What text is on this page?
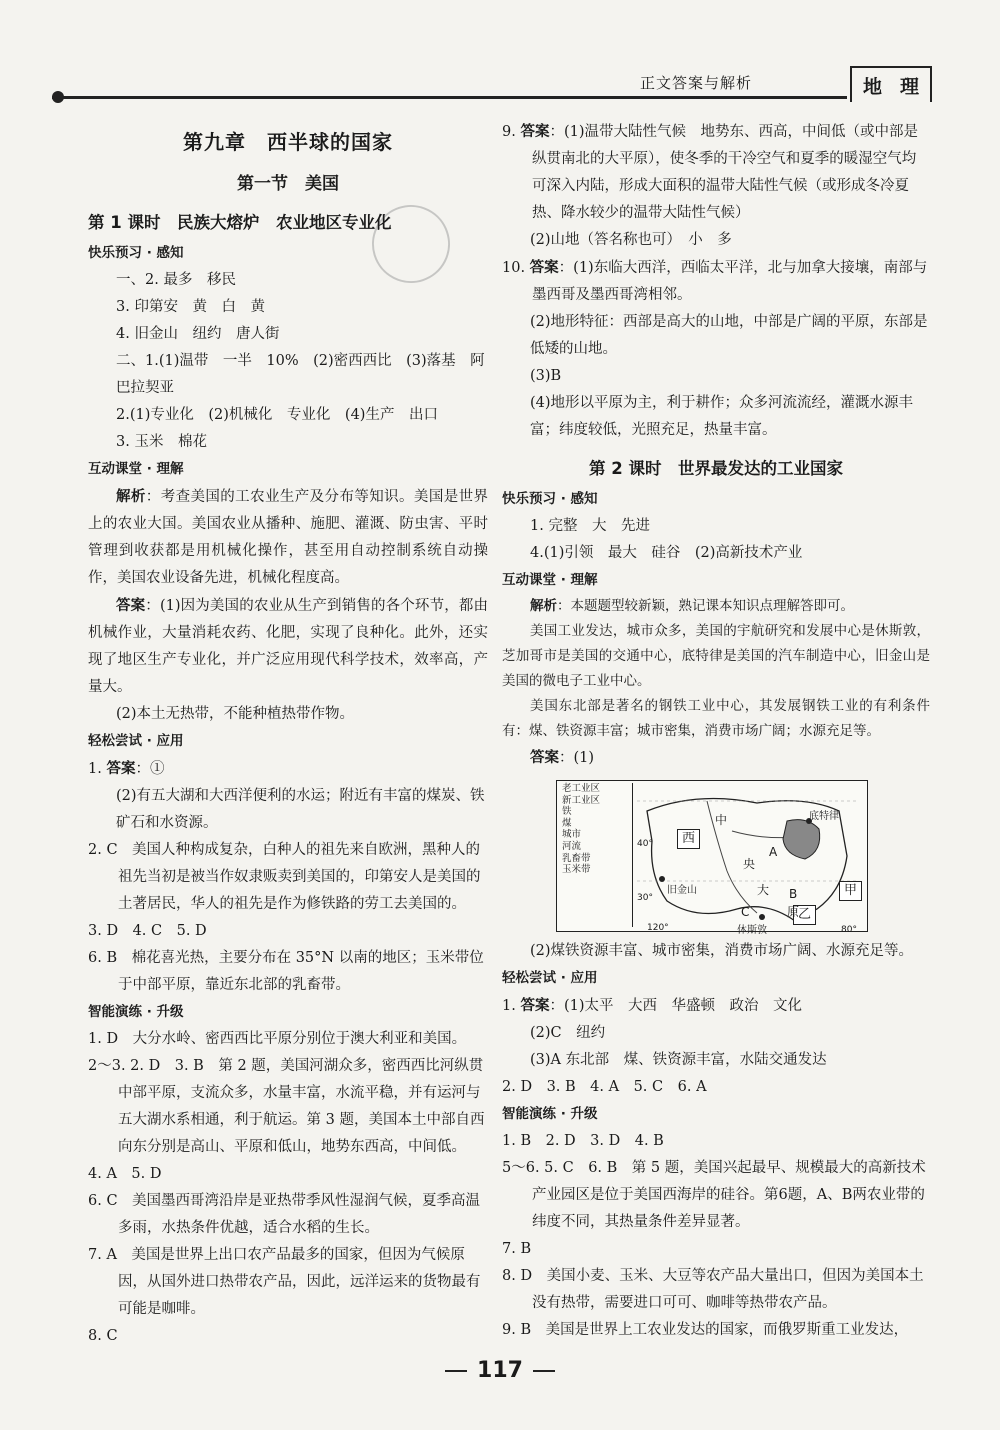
正文答案与解析	地 理

第九章　西半球的国家

第一节　美国

第 1 课时　民族大熔炉　农业地区专业化

快乐预习 · 感知

一、2. 最多　移民

3. 印第安　黄　白　黄

4. 旧金山　纽约　唐人街

二、1.(1)温带　一半　10%　(2)密西西比　(3)落基　阿巴拉契亚

2.(1)专业化　(2)机械化　专业化　(4)生产　出口

3. 玉米　棉花

互动课堂 · 理解

解析：考查美国的工农业生产及分布等知识。美国是世界上的农业大国。美国农业从播种、施肥、灌溉、防虫害、平时管理到收获都是用机械化操作，甚至用自动控制系统自动操作，美国农业设备先进，机械化程度高。

答案：(1)因为美国的农业从生产到销售的各个环节，都由机械作业，大量消耗农药、化肥，实现了良种化。此外，还实现了地区生产专业化，并广泛应用现代科学技术，效率高，产量大。

(2)本土无热带，不能种植热带作物。

轻松尝试 · 应用

1. 答案：①

(2)有五大湖和大西洋便利的水运；附近有丰富的煤炭、铁矿石和水资源。

2. C　美国人种构成复杂，白种人的祖先来自欧洲，黑种人的祖先当初是被当作奴隶贩卖到美国的，印第安人是美国的土著居民，华人的祖先是作为修铁路的劳工去美国的。

3. D　4. C　5. D

6. B　棉花喜光热，主要分布在 35°N 以南的地区；玉米带位于中部平原，靠近东北部的乳畜带。

智能演练 · 升级

1. D　大分水岭、密西西比平原分别位于澳大利亚和美国。

2～3. 2. D　3. B　第 2 题，美国河湖众多，密西西比河纵贯中部平原，支流众多，水量丰富，水流平稳，并有运河与五大湖水系相通，利于航运。第 3 题，美国本土中部自西向东分别是高山、平原和低山，地势东西高，中间低。

4. A　5. D

6. C　美国墨西哥湾沿岸是亚热带季风性湿润气候，夏季高温多雨，水热条件优越，适合水稻的生长。

7. A　美国是世界上出口农产品最多的国家，但因为气候原因，从国外进口热带农产品，因此，远洋运来的货物最有可能是咖啡。

8. C

9. 答案：(1)温带大陆性气候　地势东、西高，中间低（或中部是纵贯南北的大平原），使冬季的干冷空气和夏季的暖湿空气均可深入内陆，形成大面积的温带大陆性气候（或形成冬冷夏热、降水较少的温带大陆性气候）

(2)山地（答名称也可）　小　多

10. 答案：(1)东临大西洋，西临太平洋，北与加拿大接壤，南部与墨西哥及墨西哥湾相邻。

(2)地形特征：西部是高大的山地，中部是广阔的平原，东部是低矮的山地。

(3)B

(4)地形以平原为主，利于耕作；众多河流流经，灌溉水源丰富；纬度较低，光照充足，热量丰富。

第 2 课时　世界最发达的工业国家

快乐预习 · 感知

1. 完整　大　先进

4.(1)引领　最大　硅谷　(2)高新技术产业

互动课堂 · 理解

解析：本题题型较新颖，熟记课本知识点理解答即可。

美国工业发达，城市众多，美国的宇航研究和发展中心是休斯敦，芝加哥市是美国的交通中心，底特律是美国的汽车制造中心，旧金山是美国的微电子工业中心。

美国东北部是著名的钢铁工业中心，其发展钢铁工业的有利条件有：煤、铁资源丰富；城市密集，消费市场广阔；水源充足等。

答案：(1)

老工业区
新工业区
铁
煤
城市
河流
乳畜带
玉米带
西
中
甲
乙
底特律
旧金山
休斯敦
A
B
C
央
大
原
120°
40°
30°
80°

(2)煤铁资源丰富、城市密集，消费市场广阔、水源充足等。

轻松尝试 · 应用

1. 答案：(1)太平　大西　华盛顿　政治　文化

(2)C　纽约

(3)A 东北部　煤、铁资源丰富，水陆交通发达

2. D　3. B　4. A　5. C　6. A

智能演练 · 升级

1. B　2. D　3. D　4. B

5～6. 5. C　6. B　第 5 题，美国兴起最早、规模最大的高新技术产业园区是位于美国西海岸的硅谷。第6题，A、B两农业带的纬度不同，其热量条件差异显著。

7. B

8. D　美国小麦、玉米、大豆等农产品大量出口，但因为美国本土没有热带，需要进口可可、咖啡等热带农产品。

9. B　美国是世界上工农业发达的国家，而俄罗斯重工业发达，

117
